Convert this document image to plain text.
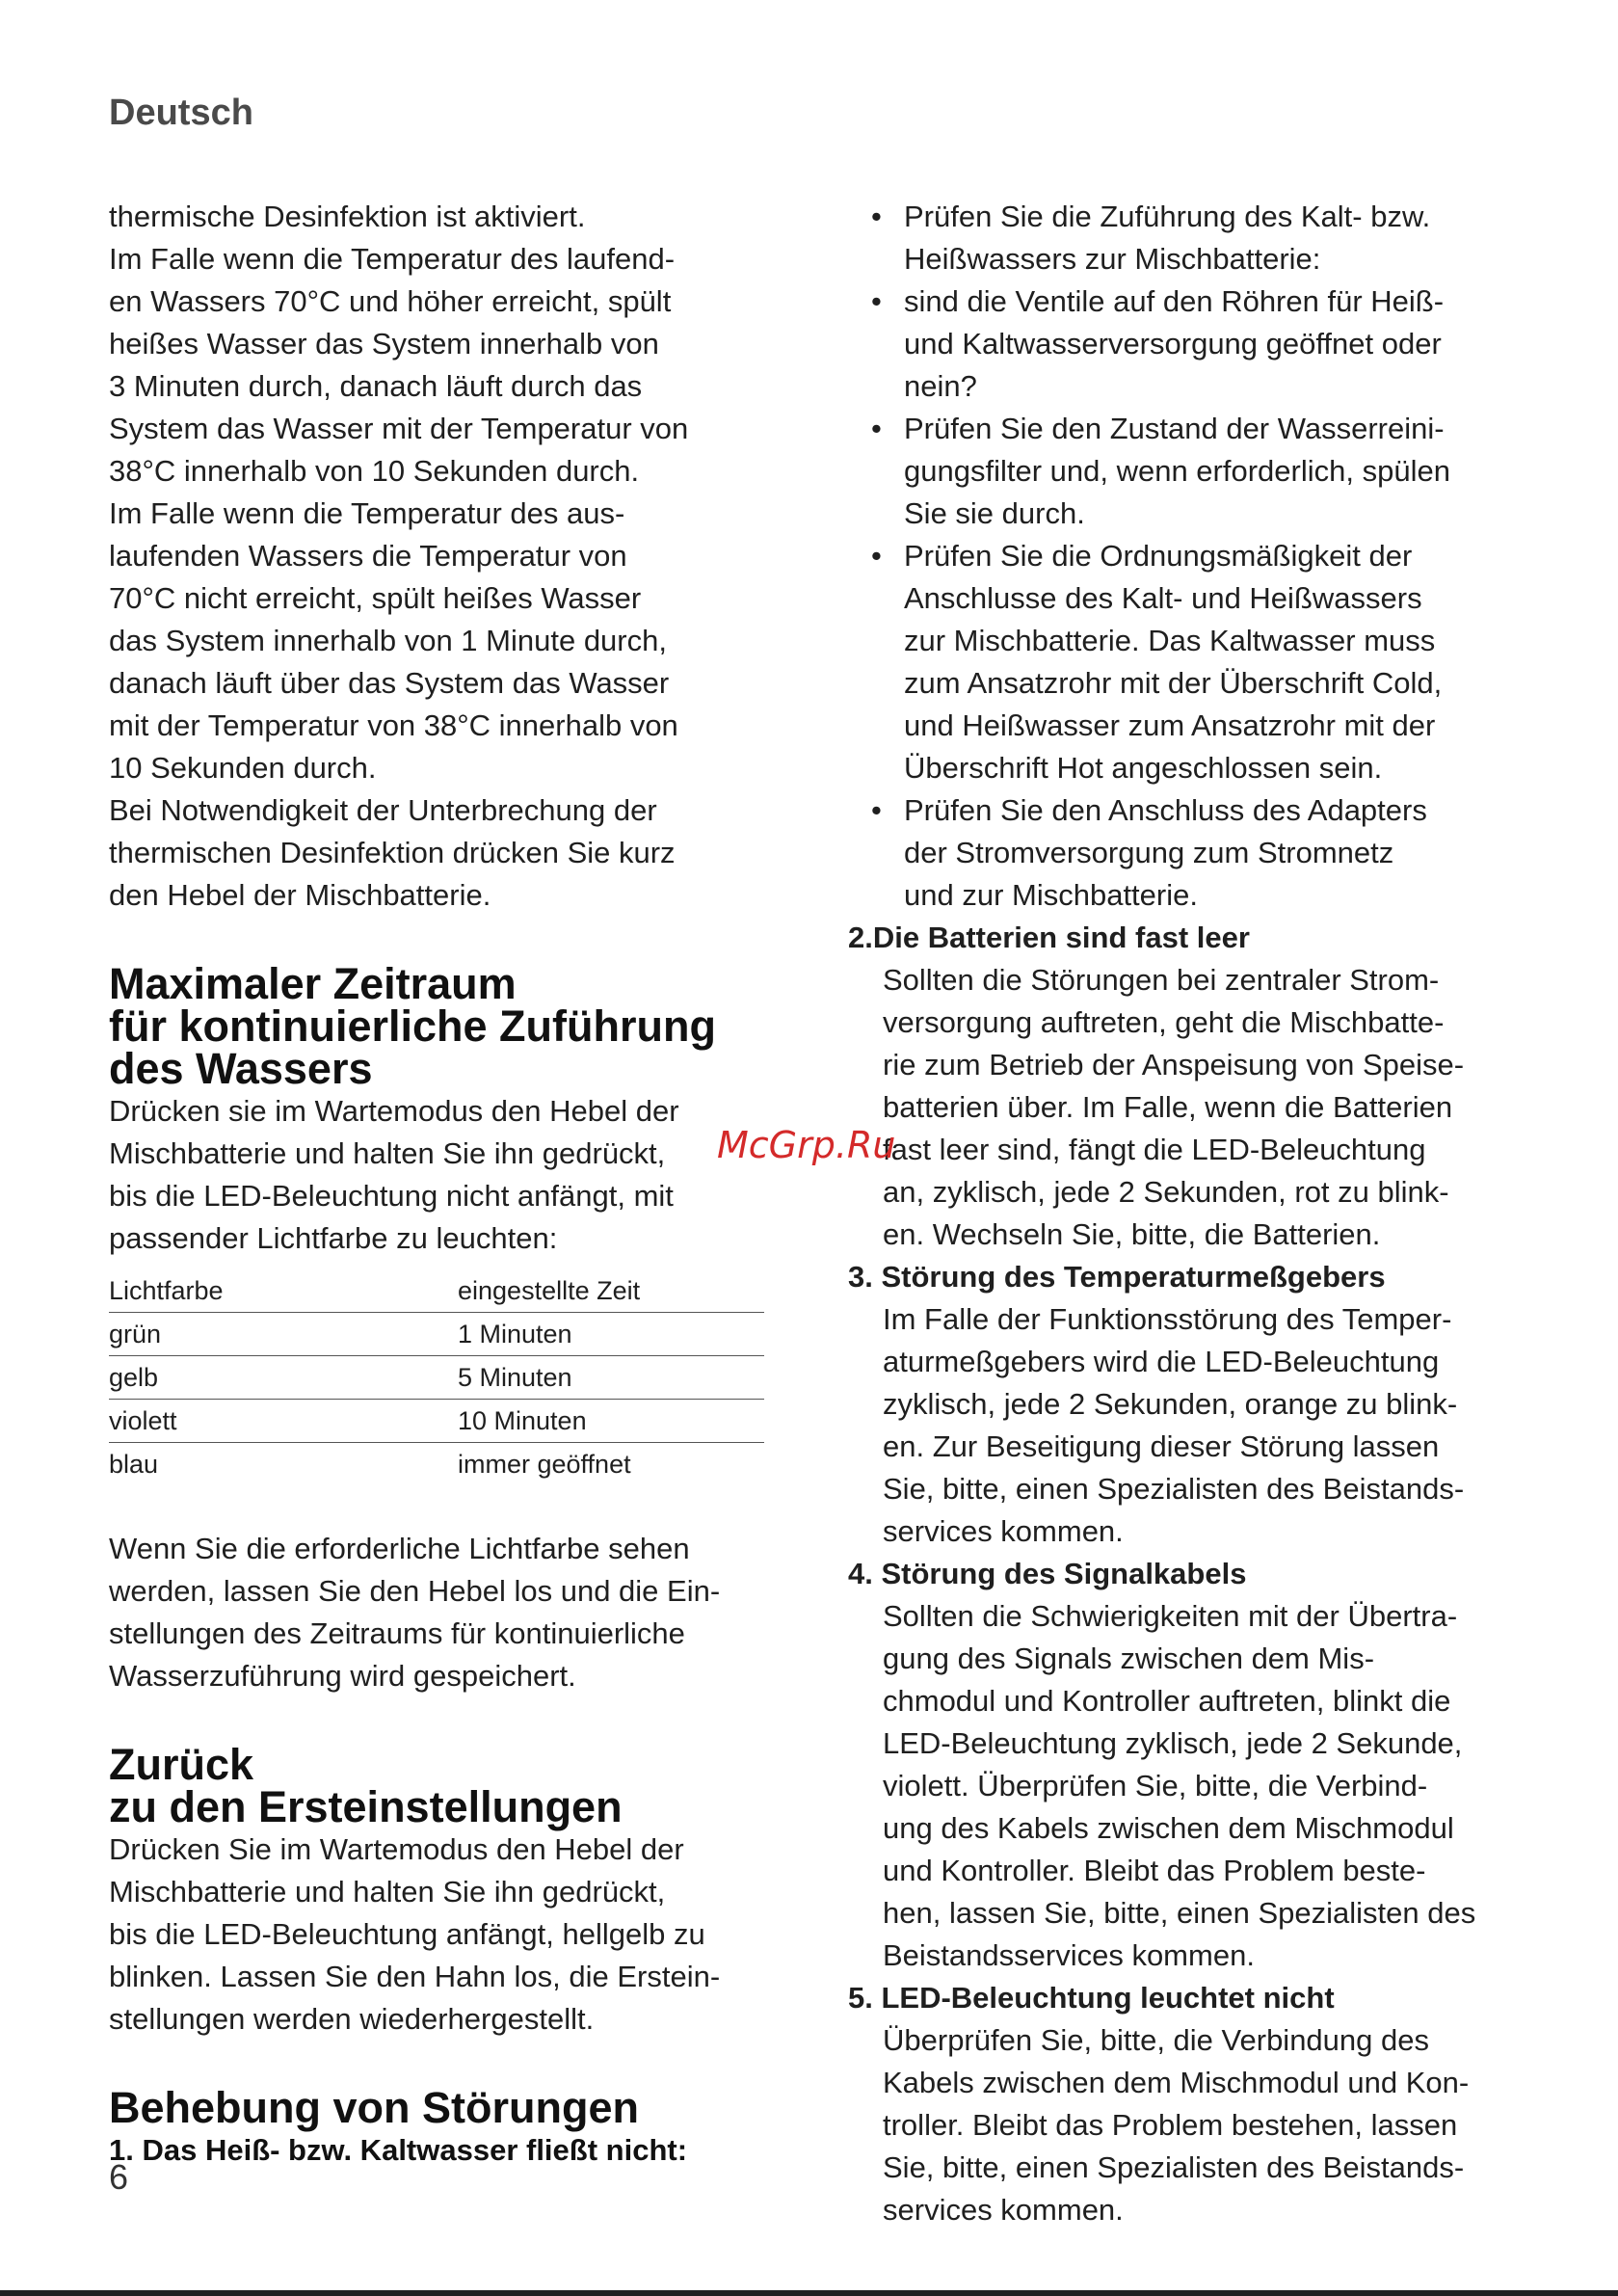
Deutsch

thermische Desinfektion ist aktiviert.

Im Falle wenn die Temperatur des laufend-

en Wassers 70°C und höher erreicht, spült

heißes Wasser das System innerhalb von

3 Minuten durch, danach läuft durch das

System das Wasser mit der Temperatur von

38°C innerhalb von 10 Sekunden durch.

Im Falle wenn die Temperatur des aus-

laufenden Wassers die Temperatur von

70°C nicht erreicht, spült heißes Wasser

das System innerhalb von 1 Minute durch,

danach läuft über das System das Wasser

mit der Temperatur von 38°C innerhalb von

10 Sekunden durch.

Bei Notwendigkeit der Unterbrechung der

thermischen Desinfektion drücken Sie kurz

den Hebel der Mischbatterie.

Maximaler Zeitraum

für kontinuierliche Zuführung

des Wassers

Drücken sie im Wartemodus den Hebel der

Mischbatterie und halten Sie ihn gedrückt,

bis die LED-Beleuchtung nicht anfängt, mit

passender Lichtfarbe zu leuchten:

Lichtfarbe	eingestellte Zeit
grün	1 Minuten
gelb	5 Minuten
violett	10 Minuten
blau	immer geöffnet

Wenn Sie die erforderliche Lichtfarbe sehen

werden, lassen Sie den Hebel los und die Ein-

stellungen des Zeitraums für kontinuierliche

Wasserzuführung wird gespeichert.

Zurück

zu den Ersteinstellungen

Drücken Sie im Wartemodus den Hebel der

Mischbatterie und halten Sie ihn gedrückt,

bis die LED-Beleuchtung anfängt, hellgelb zu

blinken. Lassen Sie den Hahn los, die Erstein-

stellungen werden wiederhergestellt.

Behebung von Störungen

1. Das Heiß- bzw. Kaltwasser fließt nicht:

• Prüfen Sie die Zuführung des Kalt- bzw.
Heißwassers zur Mischbatterie:
• sind die Ventile auf den Röhren für Heiß-
und Kaltwasserversorgung geöffnet oder
nein?
• Prüfen Sie den Zustand der Wasserreini-
gungsfilter und, wenn erforderlich, spülen
Sie sie durch.
• Prüfen Sie die Ordnungsmäßigkeit der
Anschlusse des Kalt- und Heißwassers
zur Mischbatterie. Das Kaltwasser muss
zum Ansatzrohr mit der Überschrift Cold,
und Heißwasser zum Ansatzrohr mit der
Überschrift Hot angeschlossen sein.
• Prüfen Sie den Anschluss des Adapters
der Stromversorgung zum Stromnetz
und zur Mischbatterie.

2.Die Batterien sind fast leer

Sollten die Störungen bei zentraler Strom-

versorgung auftreten, geht die Mischbatte-

rie zum Betrieb der Anspeisung von Speise-

batterien über. Im Falle, wenn die Batterien

fast leer sind, fängt die LED-Beleuchtung

an, zyklisch, jede 2 Sekunden, rot zu blink-

en. Wechseln Sie, bitte, die Batterien.

3. Störung des Temperaturmeßgebers

Im Falle der Funktionsstörung des Temper-

aturmeßgebers wird die LED-Beleuchtung

zyklisch, jede 2 Sekunden, orange zu blink-

en. Zur Beseitigung dieser Störung lassen

Sie, bitte, einen Spezialisten des Beistands-

services kommen.

4. Störung des Signalkabels

Sollten die Schwierigkeiten mit der Übertra-

gung des Signals zwischen dem Mis-

chmodul und Kontroller auftreten, blinkt die

LED-Beleuchtung zyklisch, jede 2 Sekunde,

violett. Überprüfen Sie, bitte, die Verbind-

ung des Kabels zwischen dem Mischmodul

und Kontroller. Bleibt das Problem beste-

hen, lassen Sie, bitte, einen Spezialisten des

Beistandsservices kommen.

5. LED-Beleuchtung leuchtet nicht

Überprüfen Sie, bitte, die Verbindung des

Kabels zwischen dem Mischmodul und Kon-

troller. Bleibt das Problem bestehen, lassen

Sie, bitte, einen Spezialisten des Beistands-

services kommen.

McGrp.Ru
6
